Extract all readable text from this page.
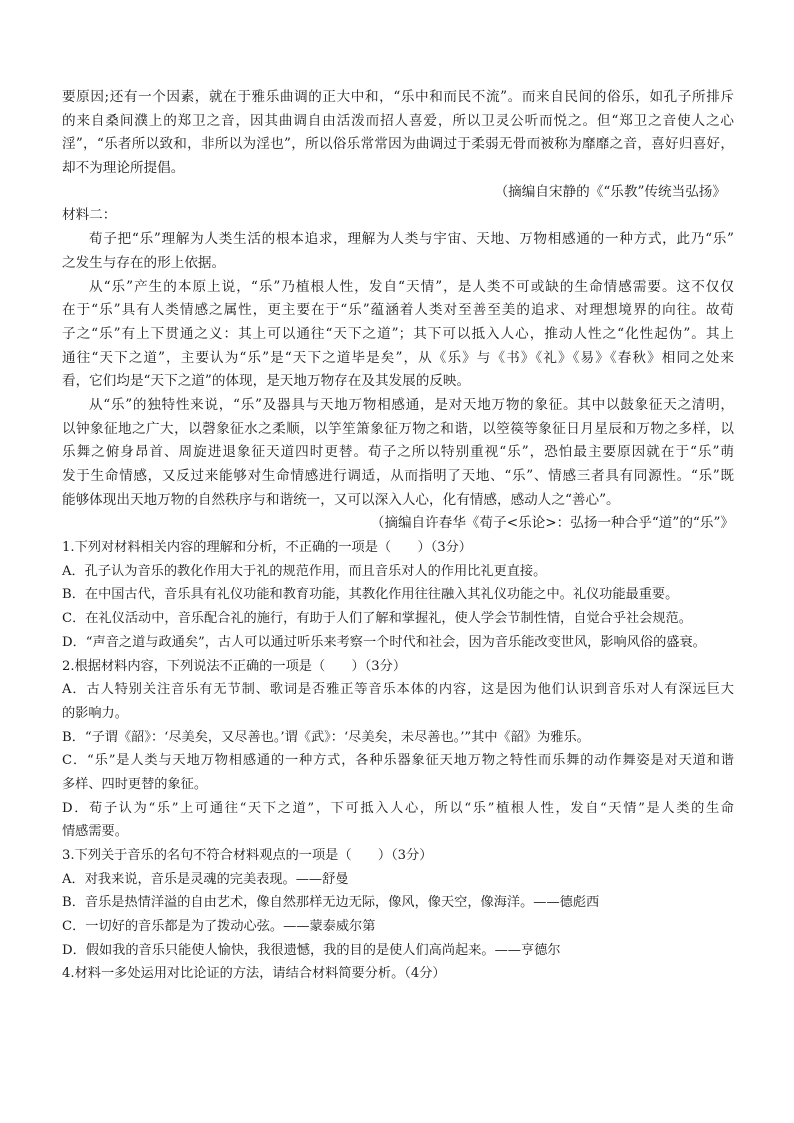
要原因;还有一个因素，就在于雅乐曲调的正大中和，“乐中和而民不流”。而来自民间的俗乐，如孔子所排斥
的来自桑间濮上的郑卫之音，因其曲调自由活泼而招人喜爱，所以卫灵公听而悦之。但“郑卫之音使人之心
淫”，“乐者所以致和，非所以为淫也”，所以俗乐常常因为曲调过于柔弱无骨而被称为靡靡之音，喜好归喜好，
却不为理论所提倡。
（摘编自宋静的《“乐教”传统当弘扬》
材料二：
荀子把“乐”理解为人类生活的根本追求，理解为人类与宇宙、天地、万物相感通的一种方式，此乃“乐”
之发生与存在的形上依据。
从“乐”产生的本原上说，“乐”乃植根人性，发自“天情”，是人类不可或缺的生命情感需要。这不仅仅
在于“乐”具有人类情感之属性，更主要在于“乐”蕴涵着人类对至善至美的追求、对理想境界的向往。故荀
子之“乐”有上下贯通之义：其上可以通往“天下之道”；其下可以抵入人心，推动人性之“化性起伪”。其上
通往“天下之道”，主要认为“乐”是“天下之道毕是矣”，从《乐》与《书》《礼》《易》《春秋》相同之处来
看，它们均是“天下之道”的体现，是天地万物存在及其发展的反映。
从“乐”的独特性来说，“乐”及器具与天地万物相感通，是对天地万物的象征。其中以鼓象征天之清明，
以钟象征地之广大，以磬象征水之柔顺，以竽笙箫象征万物之和谐，以箜篌等象征日月星辰和万物之多样，以
乐舞之俯身昂首、周旋进退象征天道四时更替。荀子之所以特别重视“乐”，恐怕最主要原因就在于“乐”萌
发于生命情感，又反过来能够对生命情感进行调适，从而指明了天地、“乐”、情感三者具有同源性。“乐”既
能够体现出天地万物的自然秩序与和谐统一，又可以深入人心，化有情感，感动人之“善心”。
（摘编自许春华《荀子<乐论>：弘扬一种合乎“道”的“乐”》
1.下列对材料相关内容的理解和分析，不正确的一项是（　　）（3分）
A．孔子认为音乐的教化作用大于礼的规范作用，而且音乐对人的作用比礼更直接。
B．在中国古代，音乐具有礼仪功能和教育功能，其教化作用往往融入其礼仪功能之中。礼仪功能最重要。
C．在礼仪活动中，音乐配合礼的施行，有助于人们了解和掌握礼，使人学会节制性情，自觉合乎社会规范。
D．“声音之道与政通矣”，古人可以通过听乐来考察一个时代和社会，因为音乐能改变世风，影响风俗的盛衰。
2.根据材料内容，下列说法不正确的一项是（　　）（3分）
A．古人特别关注音乐有无节制、歌词是否雅正等音乐本体的内容，这是因为他们认识到音乐对人有深远巨大
的影响力。
B．“子谓《韶》：‘尽美矣，又尽善也。’谓《武》：‘尽美矣，未尽善也。’”其中《韶》为雅乐。
C．“乐”是人类与天地万物相感通的一种方式，各种乐器象征天地万物之特性而乐舞的动作舞姿是对天道和谐
多样、四时更替的象征。
D．荀子认为“乐”上可通往“天下之道”，下可抵入人心，所以“乐”植根人性，发自“天情”是人类的生命
情感需要。
3.下列关于音乐的名句不符合材料观点的一项是（　　）（3分）
A．对我来说，音乐是灵魂的完美表现。——舒曼
B．音乐是热情洋溢的自由艺术，像自然那样无边无际，像风，像天空，像海洋。——德彪西
C．一切好的音乐都是为了拨动心弦。——蒙泰威尔第
D．假如我的音乐只能使人愉快，我很遗憾，我的目的是使人们高尚起来。——亨德尔
4.材料一多处运用对比论证的方法，请结合材料简要分析。（4分）
